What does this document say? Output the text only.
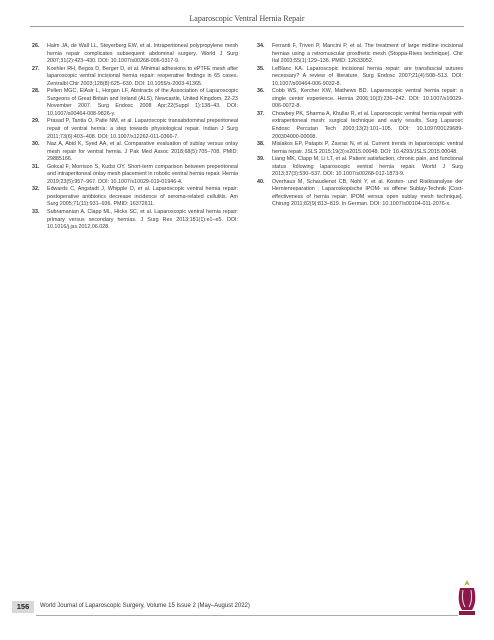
Laparoscopic Ventral Hernia Repair
26.	Halm JA, de Wall LL, Steyerberg EW, et al. Intraperitoneal polypropylene mesh hernia repair complicates subsequent abdominal surgery. World J Surg 2007;31(2):423–430. DOI: 10.1007/s00268-006-0317-9.
27.	Koehler RH, Begos D, Berger D, et al. Minimal adhesions to ePTFE mesh after laparoscopic ventral incisional hernia repair: reoperative findings in 65 cases. Zentralbl Chir 2003;128(8):625–630. DOI: 10.1055/s-2003-41365.
28.	Pellen MGC, ElAsir L, Horgan LF, Abstracts of the Association of Laparoscopic Surgeons of Great Britain and Ireland (ALS), Newcastle, United Kingdom, 22-23 November 2007. Surg Endosc 2008 Apr;22(Suppl 1):138–43. DOI: 10.1007/s00464-008-9826-y.
29.	Prasad P, Tantia O, Patle NM, et al. Laparoscopic transabdominal preperitoneal repair of ventral hernia: a step towards physiological repair. Indian J Surg 2011;73(6):403–408. DOI: 10.1007/s12262-011-0366-7.
30.	Naz A, Abid K, Syed AA, et al. Comparative evaluation of sublay versus onlay mesh repair for ventral hernia. J Pak Med Assoc 2018;68(5):705–708. PMID: 29885166.
31.	Gokcal F, Morrison S, Kudsi OY. Short-term comparison between preperitoneal and intraperitoneal onlay mesh placement in robotic ventral hernia repair. Hernia 2019;23(5):957–967. DOI: 10.1007/s10029-019-01946-4.
32.	Edwards C, Angstadt J, Whipple O, et al. Laparoscopic ventral hernia repair: postoperative antibiotics decrease incidence of seroma-related cellulitis. Am Surg 2005;71(11):931–936. PMID: 16372611.
33.	Subramanian A, Clapp ML, Hicks SC, et al. Laparoscopic ventral hernia repair: primary versus secondary hernias. J Surg Res 2013;181(1):e1–e5. DOI: 10.1016/j.jss.2012.06.028.
34.	Ferranti F, Triveri P, Mancini P, et al. The treatment of large midline incisional hernias using a retromuscular prosthetic mesh (Stoppa-Rives technique). Chir Ital 2003;55(1):129–136. PMID: 12633052.
35.	LeBlanc KA. Laparoscopic incisional hernia repair: are transfascial sutures necessary? A review of literature. Surg Endosc 2007;21(4):508–513. DOI: 10.1007/s00464-006-9032-8.
36.	Cobb WS, Kercher KW, Mathews BD. Laparoscopic ventral hernia repair: a single center experience. Hernia 2006;10(3):236–242. DOI: 10.1007/s10029-006-0072-8.
37.	Chowbey PK, Sharma A, Khullar R, et al. Laparoscopic ventral hernia repair with extraperitoneal mesh: surgical technique and early results. Surg Laparosc Endosc Percutan Tech 2003;13(2):101–105. DOI: 10.1097/00129689-200304000-00008.
38.	Misiakos EP, Patapis P, Zavras N, et al. Current trends in laparoscopic ventral hernia repair. JSLS 2015;19(3):e2015.00048. DOI: 10.4293/JSLS.2015.00048.
39.	Liang MK, Clapp M, Li LT, et al. Patient satisfaction, chronic pain, and functional status following laparoscopic ventral hernia repair. World J Surg 2013;37(3):530–537. DOI: 10.1007/s00268-012-1873-9.
40.	Overhaus M, Schaudienst CB, Nohl Y, et al. Kosten- und Risikoanalyse der Hernienreparation : Laparoskopische IPOM- vs offene Sublay-Technik [Cost-effectiveness of hernia repair: IPOM versus open sublay mesh technique]. Chirurg 2011;82(9):813–819. In German. DOI: 10.1007/s00104-011-2076-x.
156	World Journal of Laparoscopic Surgery, Volume 15 Issue 2 (May–August 2022)
